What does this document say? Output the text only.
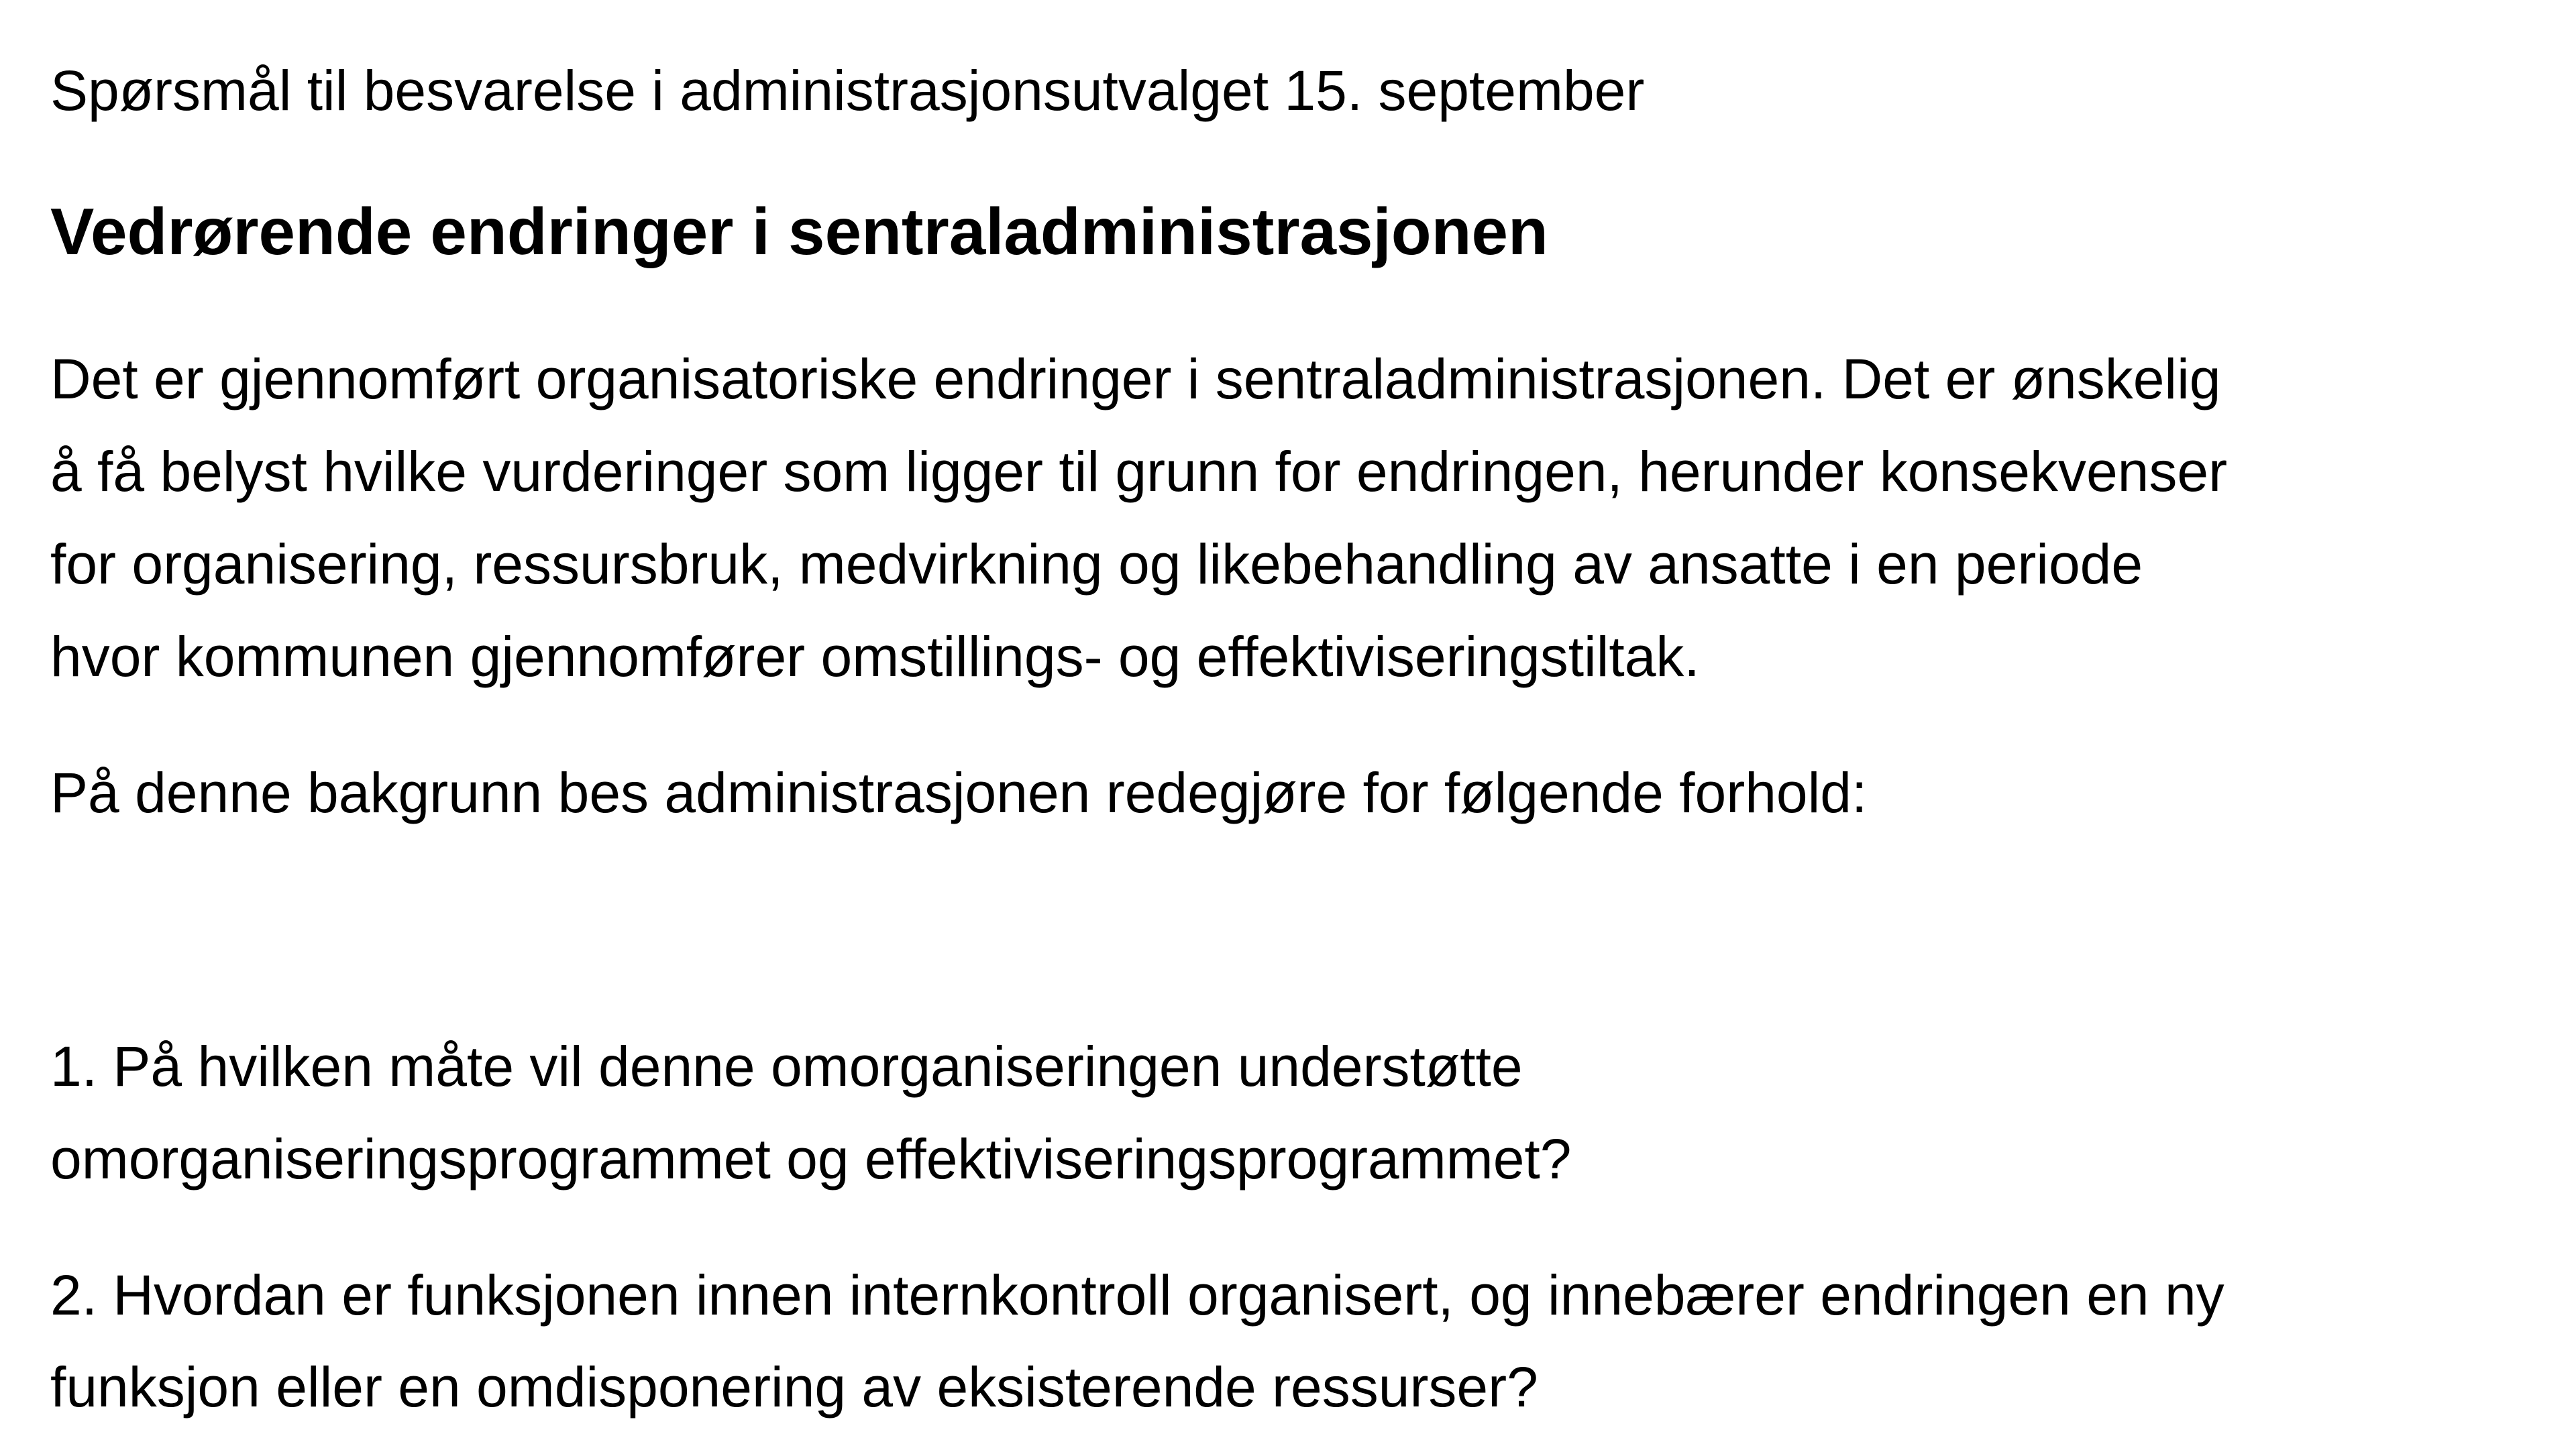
Spørsmål til besvarelse i administrasjonsutvalget 15. september
Vedrørende endringer i sentraladministrasjonen
Det er gjennomført organisatoriske endringer i sentraladministrasjonen. Det er ønskelig
å få belyst hvilke vurderinger som ligger til grunn for endringen, herunder konsekvenser
for organisering, ressursbruk, medvirkning og likebehandling av ansatte i en periode
hvor kommunen gjennomfører omstillings- og effektiviseringstiltak.
På denne bakgrunn bes administrasjonen redegjøre for følgende forhold:
1. På hvilken måte vil denne omorganiseringen understøtte
omorganiseringsprogrammet og effektiviseringsprogrammet?
2. Hvordan er funksjonen innen internkontroll organisert, og innebærer endringen en ny
funksjon eller en omdisponering av eksisterende ressurser?
